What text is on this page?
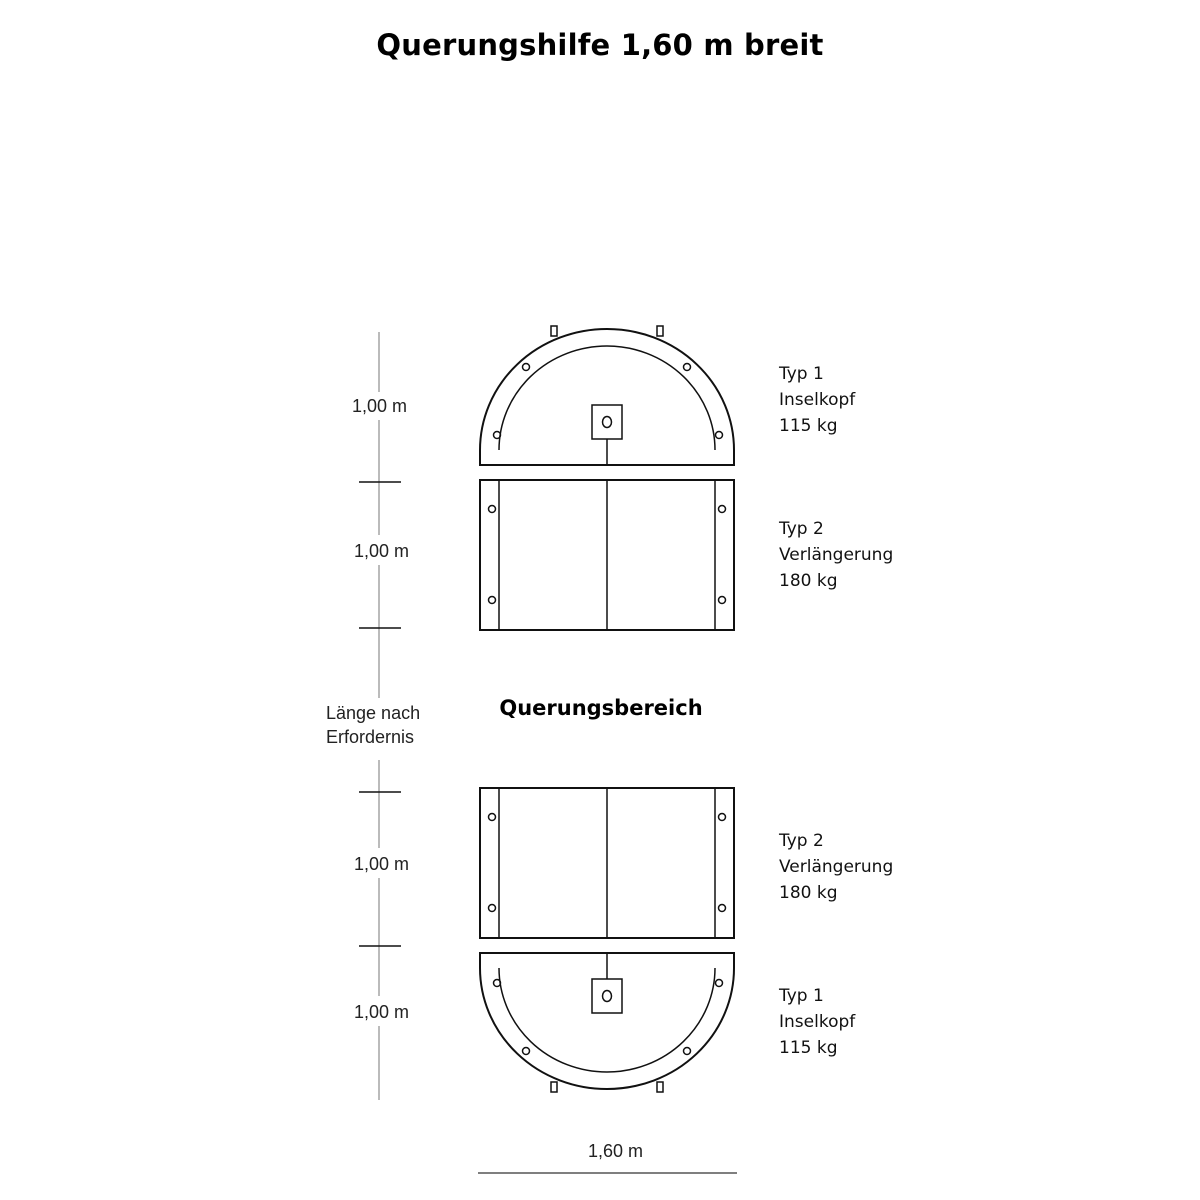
Querungshilfe 1,60 m breit
1,00 m
1,00 m
1,00 m
1,00 m
Länge nach
Erfordernis
Querungsbereich
Typ 1
Inselkopf
115 kg
Typ 2
Verlängerung
180 kg
Typ 2
Verlängerung
180 kg
Typ 1
Inselkopf
115 kg
1,60 m
